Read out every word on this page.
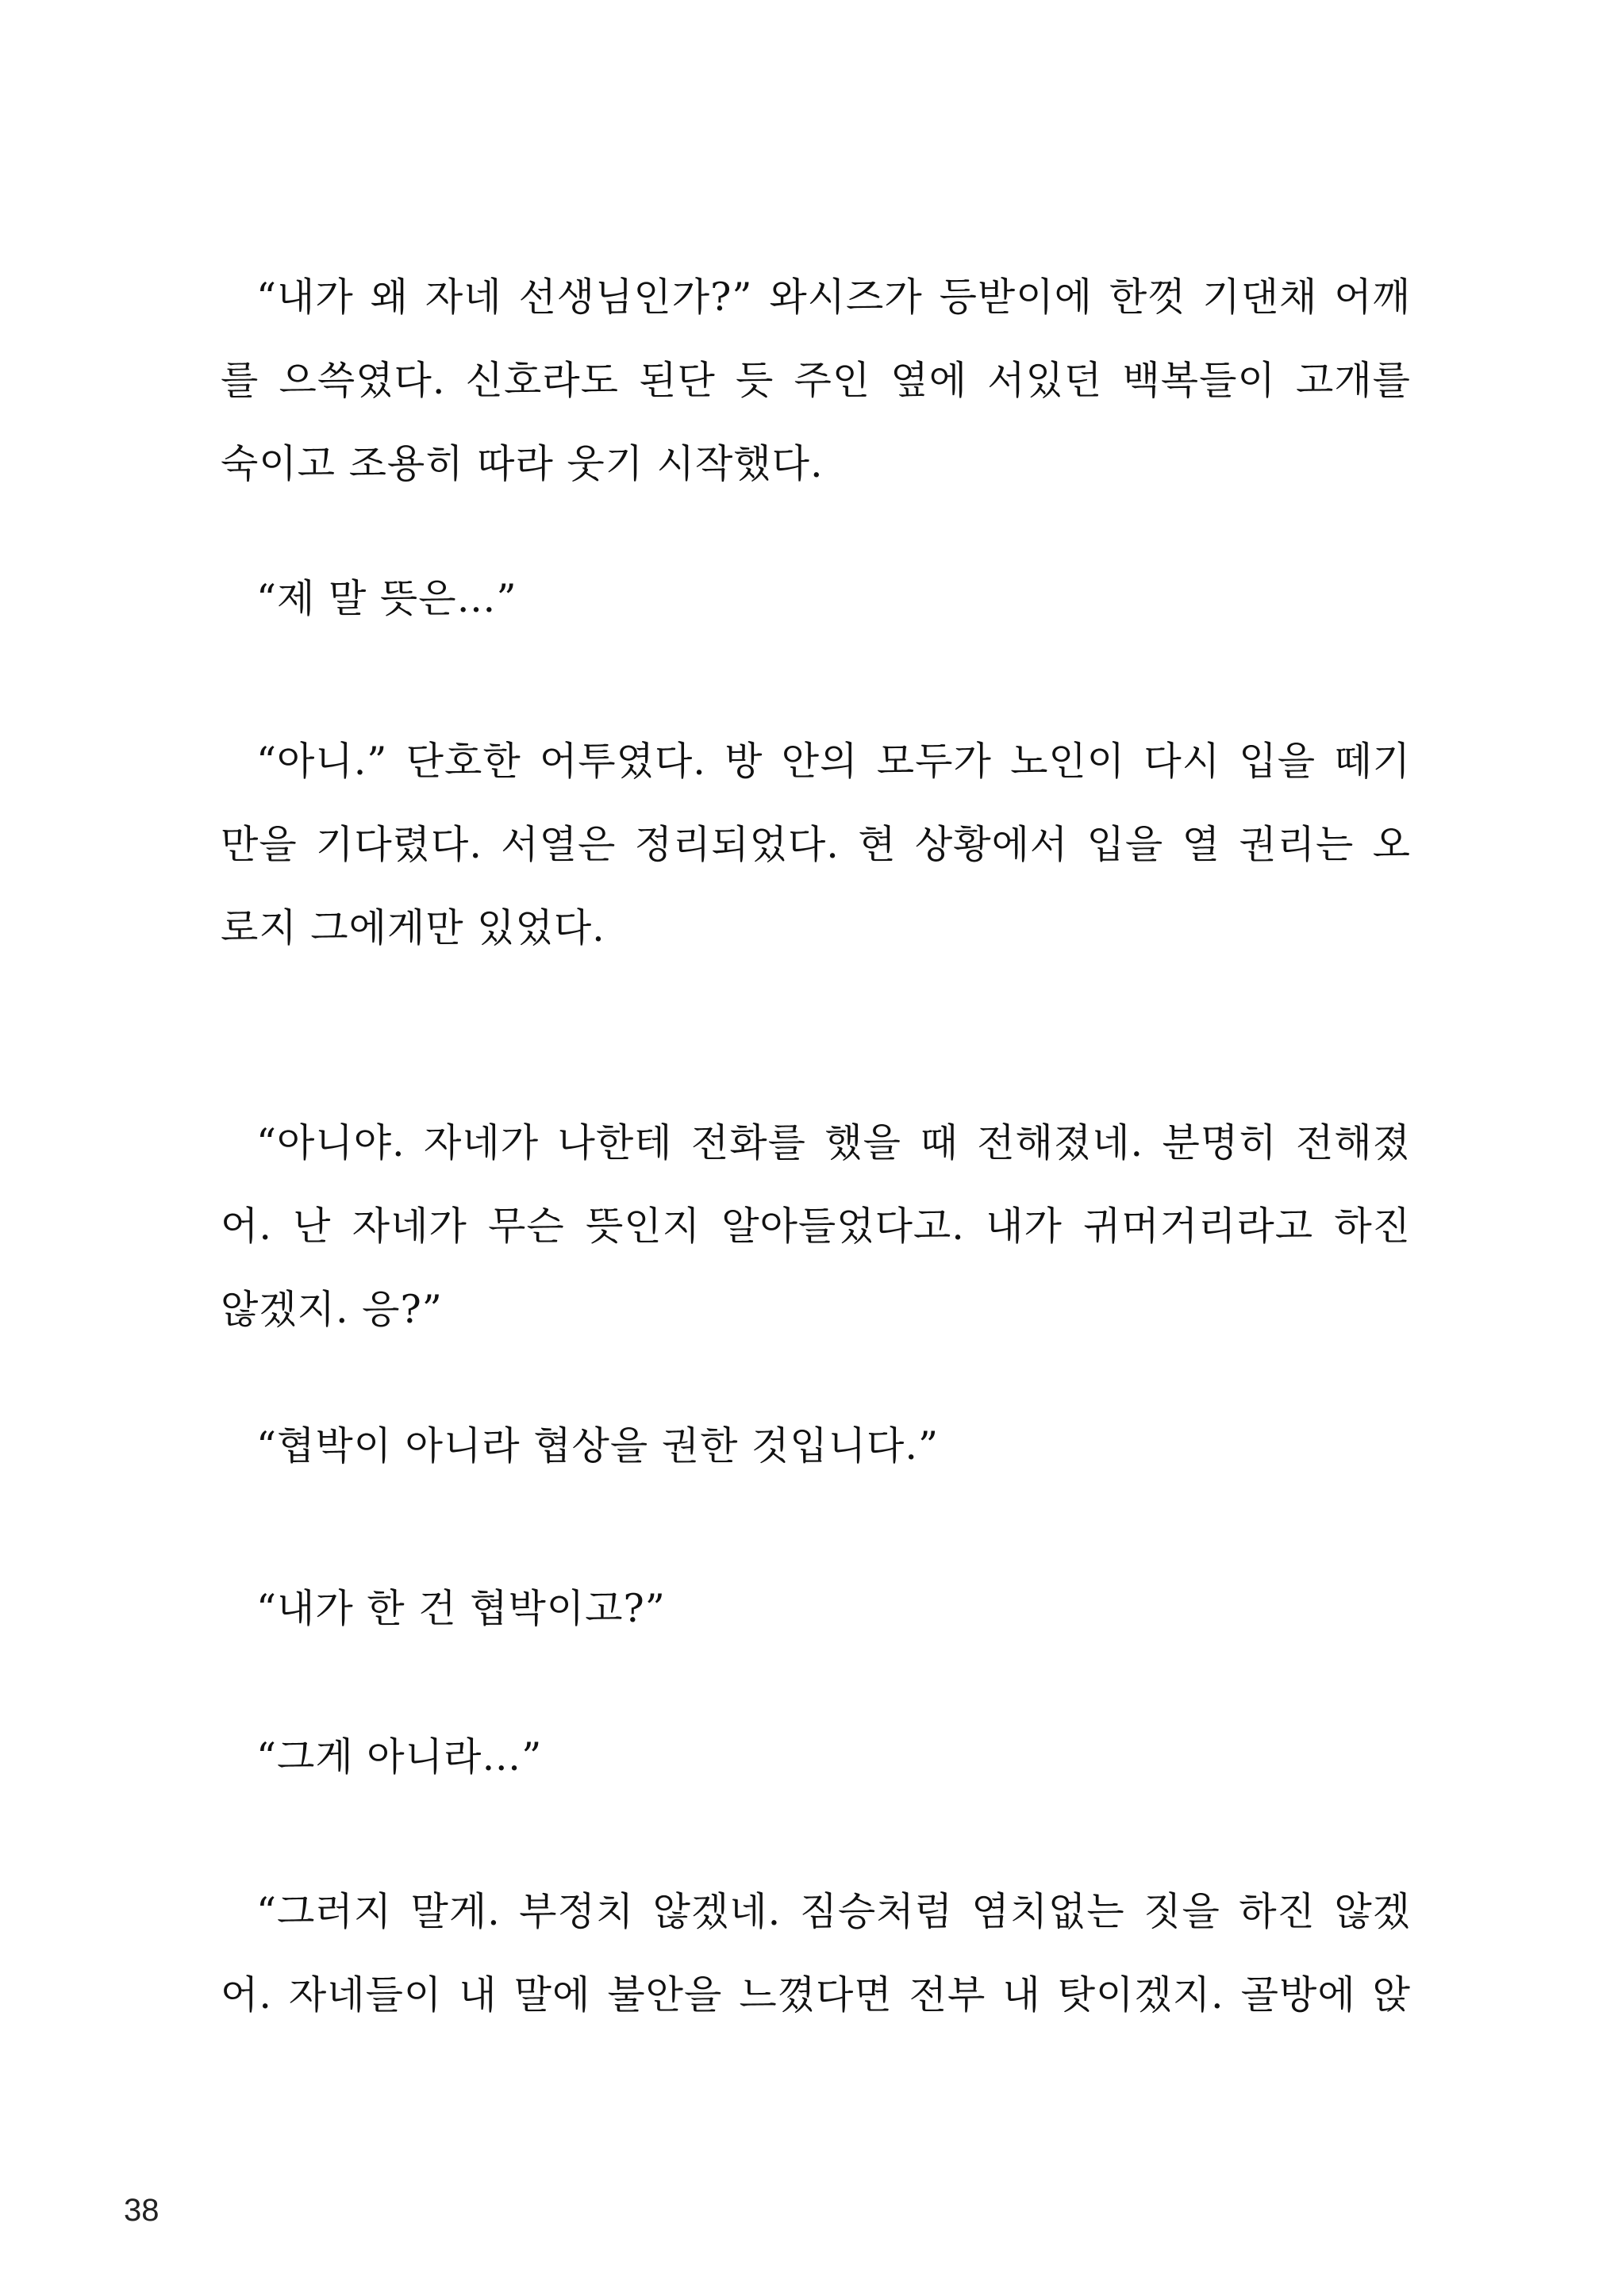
“내가 왜 자네 선생님인가?” 와시즈가 등받이에 한껏 기댄채 어깨
를 으쓱였다. 신호라도 된단 듯 주인 옆에 서있던 백복들이 고개를
숙이고 조용히 따라 웃기 시작했다.
“제 말 뜻은…”
“아니.” 단호한 어투였다. 방 안의 모두가 노인이 다시 입을 떼기
만을 기다렸다. 서열은 정리되었다. 현 상황에서 입을 열 권리는 오
로지 그에게만 있었다.
“아니야. 자네가 나한테 전화를 했을 때 전해졌네. 분명히 전해졌
어. 난 자네가 무슨 뜻인지 알아들었다고. 내가 귀머거리라고 하진
않겠지. 응?”
“협박이 아니라 협상을 권한 것입니다.”
“내가 한 건 협박이고?”
“그게 아니라…”
“그러지 말게. 부정치 않겠네. 짐승처럼 염치없는 짓을 하진 않겠
어. 자네들이 내 말에 불안을 느꼈다면 전부 내 탓이겠지. 골방에 앉
38
